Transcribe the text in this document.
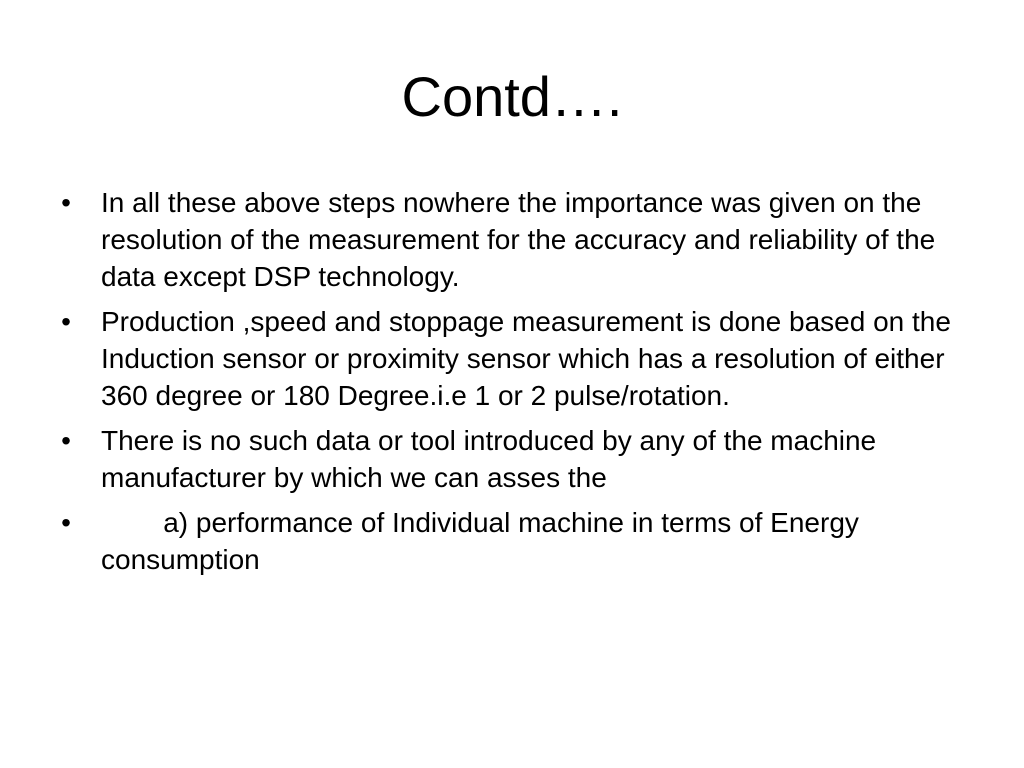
Contd….
• In all these above steps nowhere the importance was given on the resolution of the measurement for the accuracy and reliability of the data except DSP technology.
• Production ,speed and stoppage measurement is done based on the Induction sensor or proximity sensor which has a resolution of either 360 degree or 180 Degree.i.e 1 or 2 pulse/rotation.
• There is no such data or tool introduced by any of the machine  manufacturer by which we can asses the
• a) performance of Individual machine in terms of Energy consumption
